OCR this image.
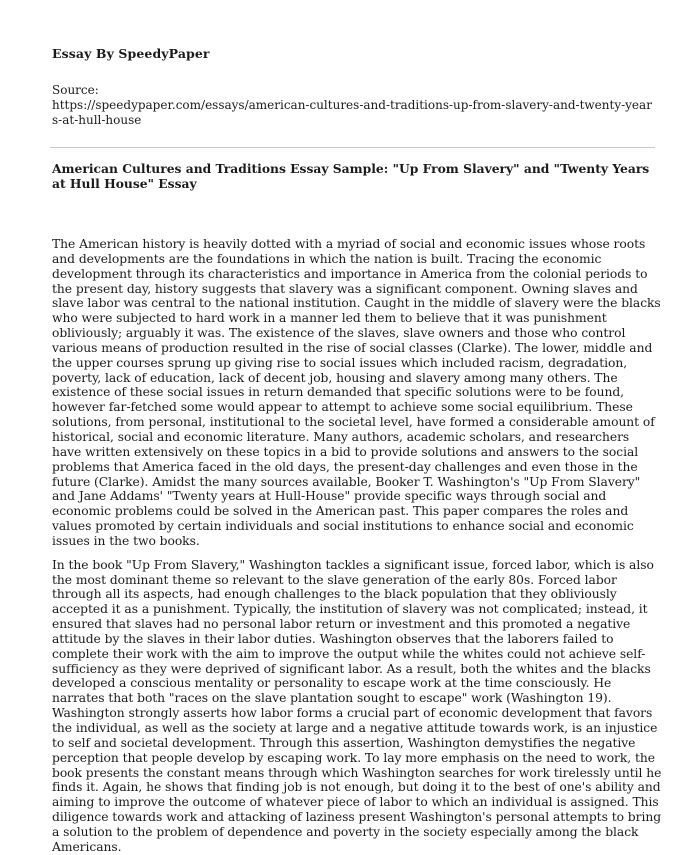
Essay By SpeedyPaper

Source:

https://speedypaper.com/essays/american-cultures-and-traditions-up-from-slavery-and-twenty-years-at-hull-house

American Cultures and Traditions Essay Sample: "Up From Slavery" and "Twenty Years at Hull House" Essay

The American history is heavily dotted with a myriad of social and economic issues whose roots and developments are the foundations in which the nation is built. Tracing the economic development through its characteristics and importance in America from the colonial periods to the present day, history suggests that slavery was a significant component. Owning slaves and slave labor was central to the national institution. Caught in the middle of slavery were the blacks who were subjected to hard work in a manner led them to believe that it was punishment obliviously; arguably it was. The existence of the slaves, slave owners and those who control various means of production resulted in the rise of social classes (Clarke). The lower, middle and the upper courses sprung up giving rise to social issues which included racism, degradation, poverty, lack of education, lack of decent job, housing and slavery among many others. The existence of these social issues in return demanded that specific solutions were to be found, however far-fetched some would appear to attempt to achieve some social equilibrium. These solutions, from personal, institutional to the societal level, have formed a considerable amount of historical, social and economic literature. Many authors, academic scholars, and researchers have written extensively on these topics in a bid to provide solutions and answers to the social problems that America faced in the old days, the present-day challenges and even those in the future (Clarke). Amidst the many sources available, Booker T. Washington's "Up From Slavery" and Jane Addams' "Twenty years at Hull-House" provide specific ways through social and economic problems could be solved in the American past. This paper compares the roles and values promoted by certain individuals and social institutions to enhance social and economic issues in the two books.

In the book "Up From Slavery," Washington tackles a significant issue, forced labor, which is also the most dominant theme so relevant to the slave generation of the early 80s. Forced labor through all its aspects, had enough challenges to the black population that they obliviously accepted it as a punishment. Typically, the institution of slavery was not complicated; instead, it ensured that slaves had no personal labor return or investment and this promoted a negative attitude by the slaves in their labor duties. Washington observes that the laborers failed to complete their work with the aim to improve the output while the whites could not achieve self-sufficiency as they were deprived of significant labor. As a result, both the whites and the blacks developed a conscious mentality or personality to escape work at the time consciously. He narrates that both "races on the slave plantation sought to escape" work (Washington 19). Washington strongly asserts how labor forms a crucial part of economic development that favors the individual, as well as the society at large and a negative attitude towards work, is an injustice to self and societal development. Through this assertion, Washington demystifies the negative perception that people develop by escaping work. To lay more emphasis on the need to work, the book presents the constant means through which Washington searches for work tirelessly until he finds it. Again, he shows that finding job is not enough, but doing it to the best of one's ability and aiming to improve the outcome of whatever piece of labor to which an individual is assigned. This diligence towards work and attacking of laziness present Washington's personal attempts to bring a solution to the problem of dependence and poverty in the society especially among the black Americans.
